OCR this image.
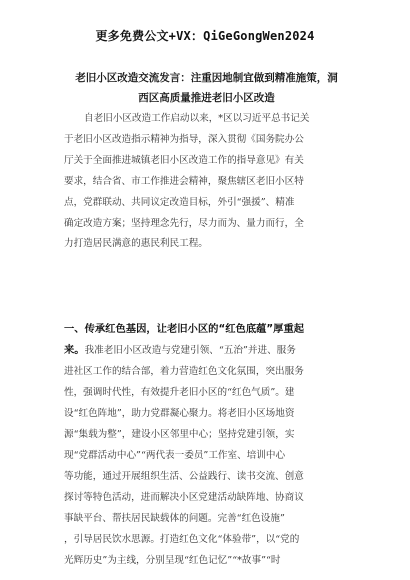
更多免费公文+VX：QiGeGongWen2024
老旧小区改造交流发言：注重因地制宜做到精准施策，洞
西区高质量推进老旧小区改造
自老旧小区改造工作启动以来，*区以习近平总书记关
于老旧小区改造指示精神为指导，深入贯彻《国务院办公
厅关于全面推进城镇老旧小区改造工作的指导意见》有关
要求，结合省、市工作推进会精神，聚焦辖区老旧小区特
点，党群联动、共同议定改造目标，外引“强援”、精准
确定改造方案；坚持理念先行，尽力而为、量力而行，全
力打造居民满意的惠民利民工程。
一、传承红色基因，让老旧小区的“红色底蕴”厚重起
来。我准老旧小区改造与党建引领、“五治”并进、服务
进社区工作的结合部，着力营造红色文化氛围，突出服务
性，强调时代性，有效提升老旧小区的“红色气质”。建
设“红色阵地”，助力党群凝心聚力。将老旧小区场地资
源“集载为整”，建设小区邻里中心；坚持党建引领，实
现“党群活动中心”“两代表一委员”工作室、培训中心
等功能，通过开展组织生活、公益践行、读书交流、创意
探讨等特色活动，进而解决小区党建活动缺阵地、协商议
事缺平台、帮扶居民缺载体的问题。完善“红色设施”
，引导居民饮水思源。打造红色文化“体验带”，以“党的
光辉历史”为主线，分别呈现“红色记忆”“*故事”“时
